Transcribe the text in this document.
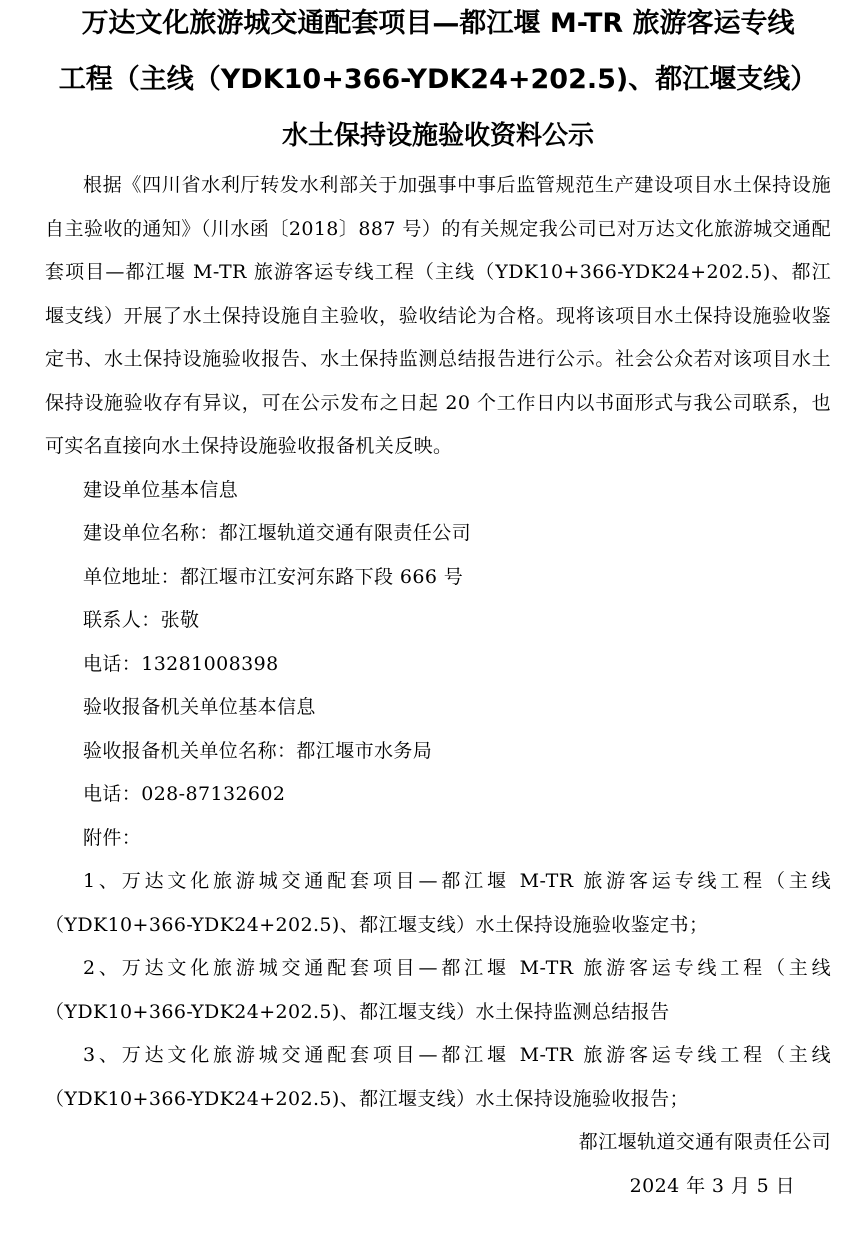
万达文化旅游城交通配套项目—都江堰 M-TR 旅游客运专线
工程（主线（YDK10+366-YDK24+202.5)、都江堰支线）
水土保持设施验收资料公示

根据《四川省水利厅转发水利部关于加强事中事后监管规范生产建设项目水土保持设施自主验收的通知》（川水函〔2018〕887 号）的有关规定我公司已对万达文化旅游城交通配套项目—都江堰 M-TR 旅游客运专线工程（主线（YDK10+366-YDK24+202.5)、都江堰支线）开展了水土保持设施自主验收，验收结论为合格。现将该项目水土保持设施验收鉴定书、水土保持设施验收报告、水土保持监测总结报告进行公示。社会公众若对该项目水土保持设施验收存有异议，可在公示发布之日起 20 个工作日内以书面形式与我公司联系，也可实名直接向水土保持设施验收报备机关反映。

建设单位基本信息

建设单位名称：都江堰轨道交通有限责任公司

单位地址：都江堰市江安河东路下段 666 号

联系人：张敬

电话：13281008398

验收报备机关单位基本信息

验收报备机关单位名称：都江堰市水务局

电话：028-87132602

附件：

1、万达文化旅游城交通配套项目—都江堰 M-TR 旅游客运专线工程（主线（YDK10+366-YDK24+202.5)、都江堰支线）水土保持设施验收鉴定书；

2、万达文化旅游城交通配套项目—都江堰 M-TR 旅游客运专线工程（主线（YDK10+366-YDK24+202.5)、都江堰支线）水土保持监测总结报告

3、万达文化旅游城交通配套项目—都江堰 M-TR 旅游客运专线工程（主线（YDK10+366-YDK24+202.5)、都江堰支线）水土保持设施验收报告；

都江堰轨道交通有限责任公司

2024 年 3 月 5 日
